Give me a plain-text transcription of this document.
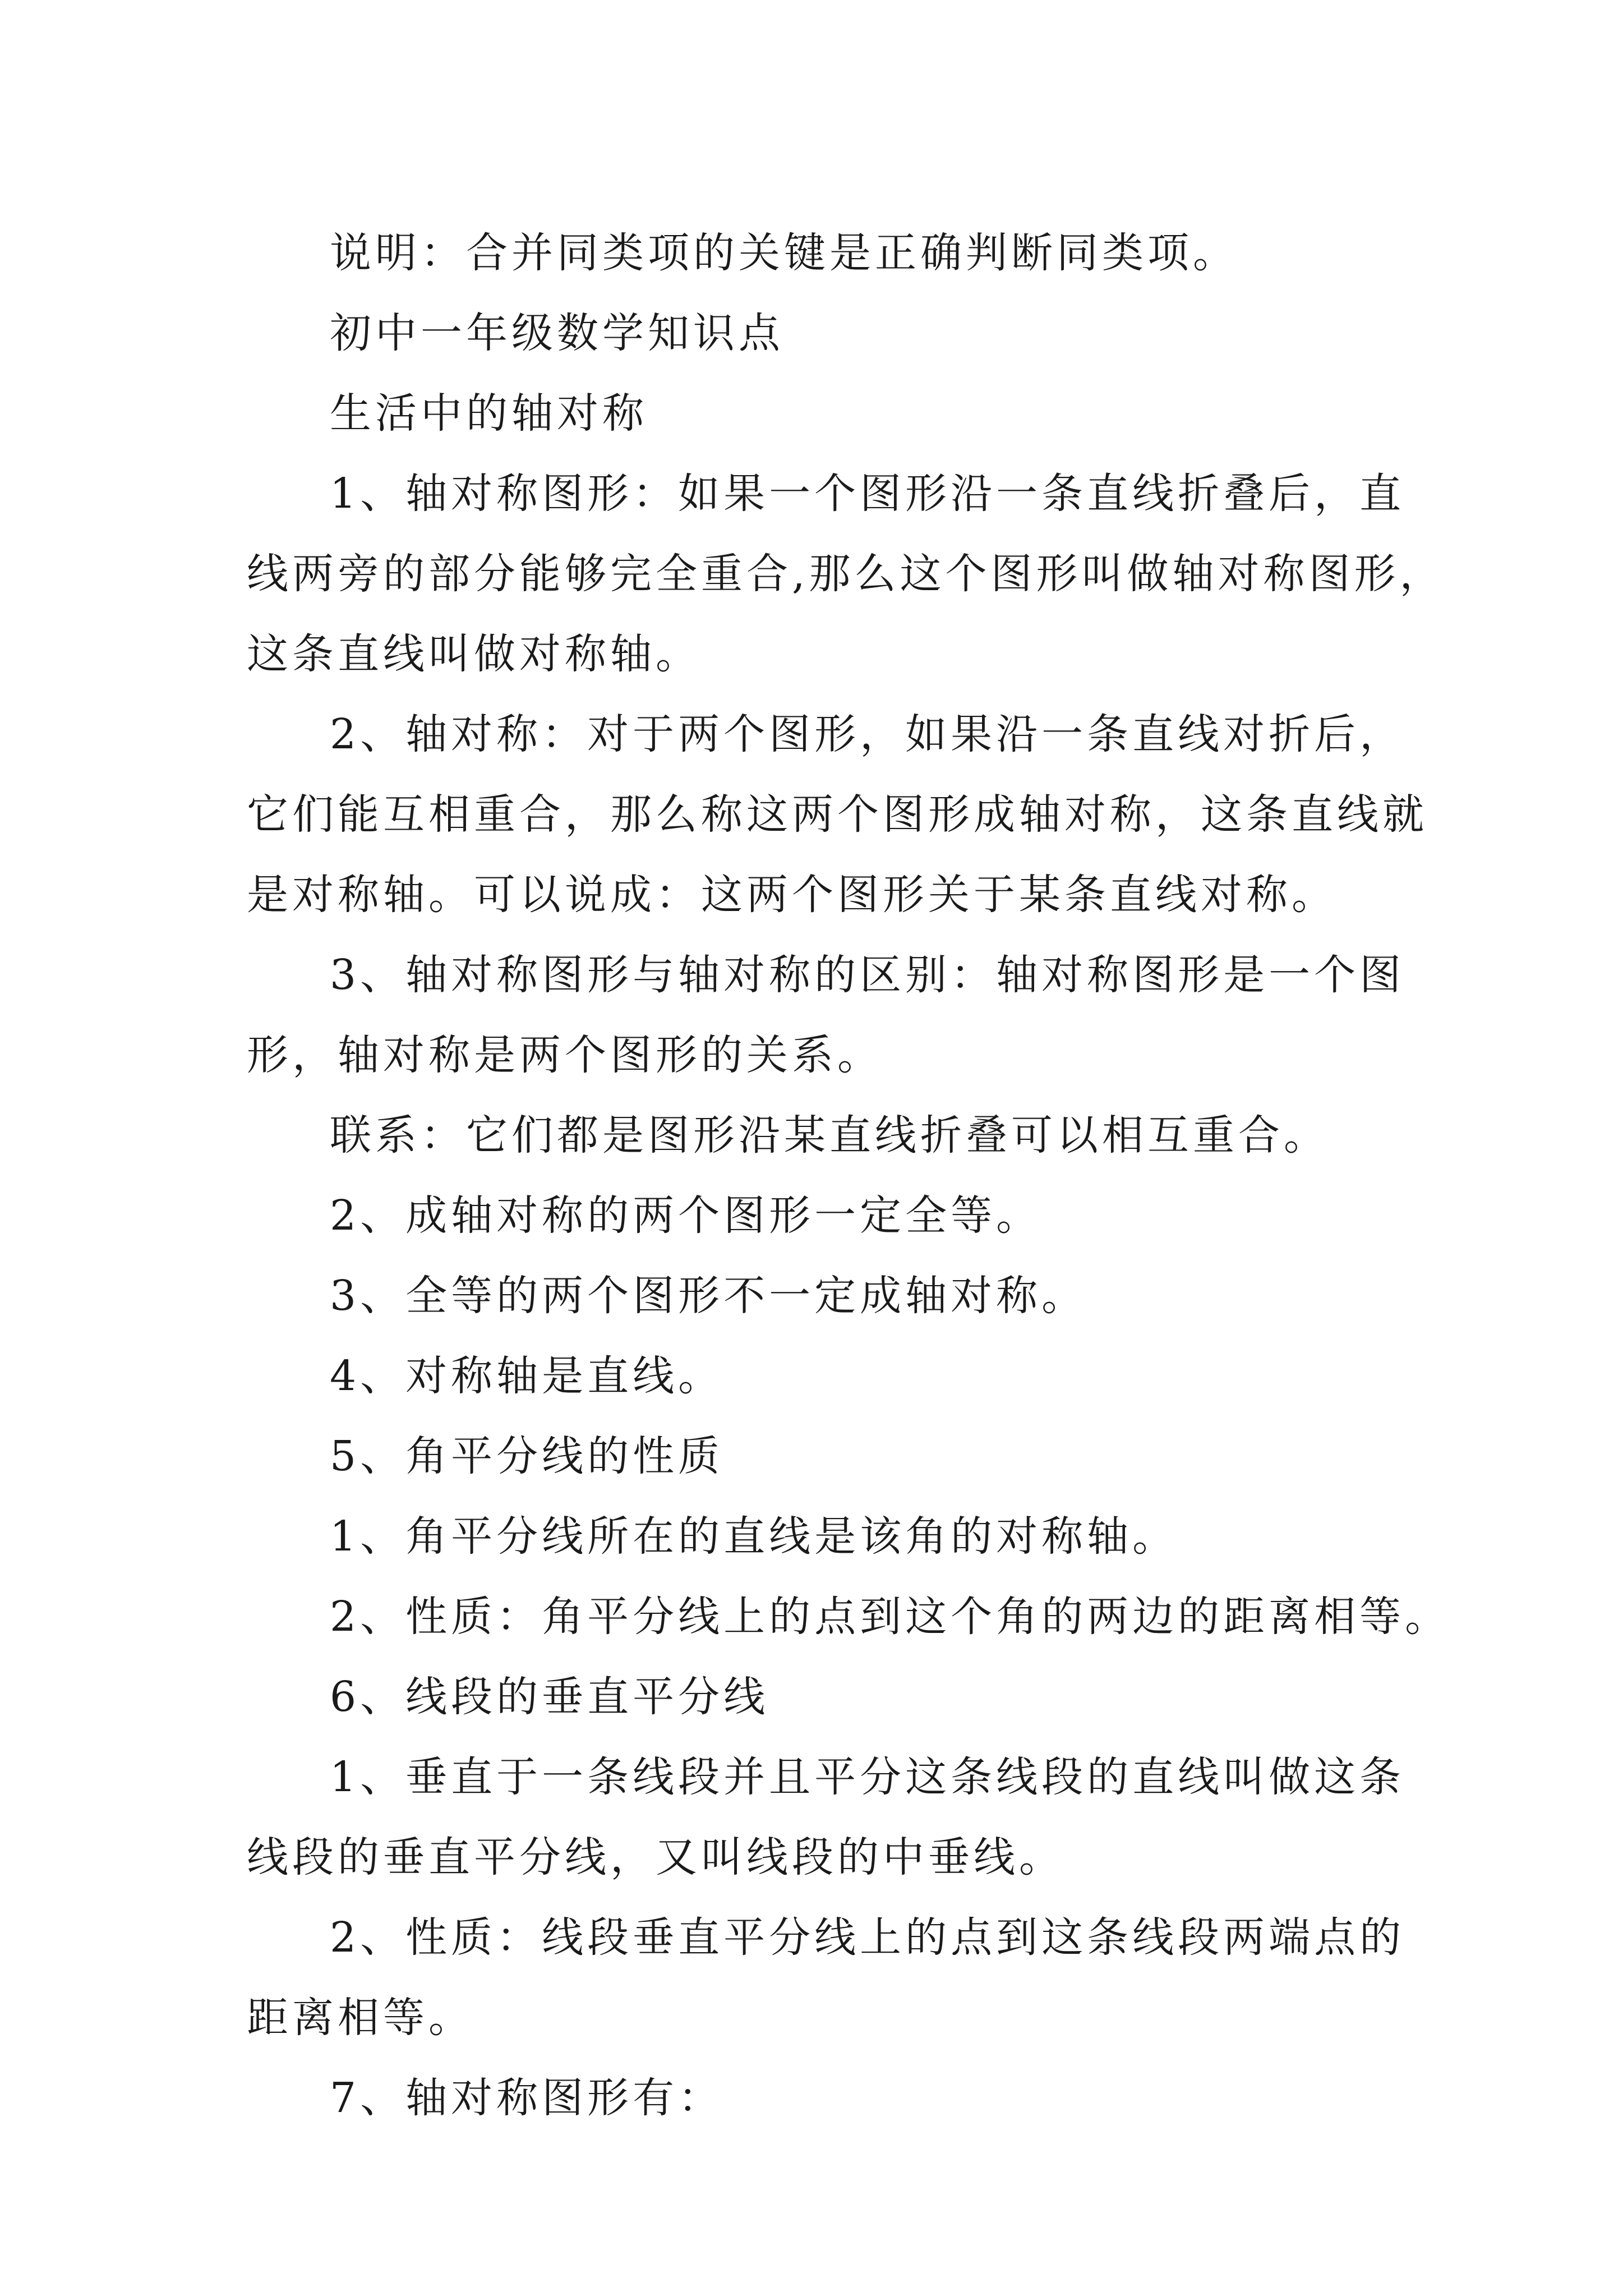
说明：合并同类项的关键是正确判断同类项。
初中一年级数学知识点
生活中的轴对称
1、轴对称图形：如果一个图形沿一条直线折叠后，直
线两旁的部分能够完全重合,那么这个图形叫做轴对称图形，
这条直线叫做对称轴。
2、轴对称：对于两个图形，如果沿一条直线对折后，
它们能互相重合，那么称这两个图形成轴对称，这条直线就
是对称轴。可以说成：这两个图形关于某条直线对称。
3、轴对称图形与轴对称的区别：轴对称图形是一个图
形，轴对称是两个图形的关系。
联系：它们都是图形沿某直线折叠可以相互重合。
2、成轴对称的两个图形一定全等。
3、全等的两个图形不一定成轴对称。
4、对称轴是直线。
5、角平分线的性质
1、角平分线所在的直线是该角的对称轴。
2、性质：角平分线上的点到这个角的两边的距离相等。
6、线段的垂直平分线
1、垂直于一条线段并且平分这条线段的直线叫做这条
线段的垂直平分线，又叫线段的中垂线。
2、性质：线段垂直平分线上的点到这条线段两端点的
距离相等。
7、轴对称图形有：
